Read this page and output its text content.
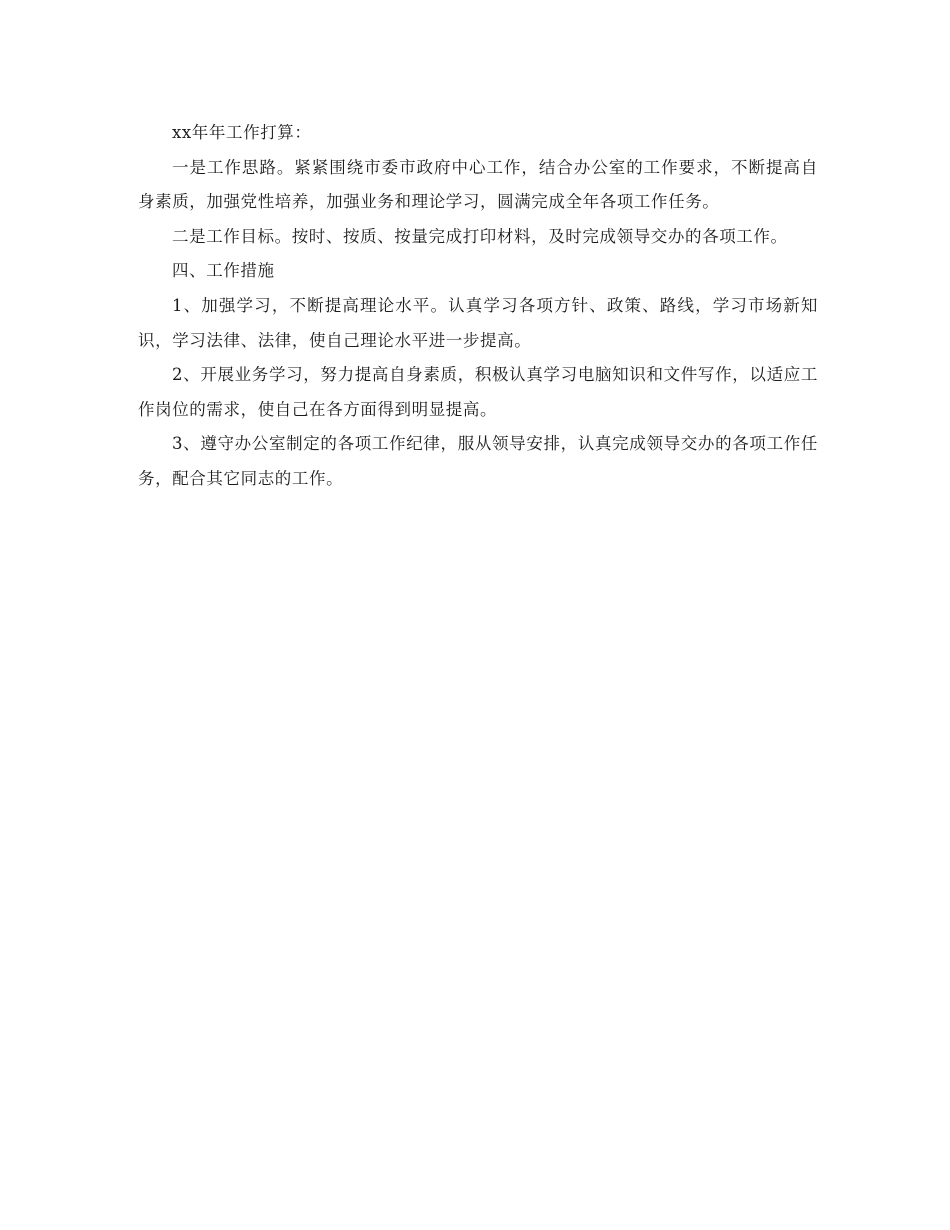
xx年年工作打算：

一是工作思路。紧紧围绕市委市政府中心工作，结合办公室的工作要求，不断提高自身素质，加强党性培养，加强业务和理论学习，圆满完成全年各项工作任务。

二是工作目标。按时、按质、按量完成打印材料，及时完成领导交办的各项工作。

四、工作措施

1、加强学习，不断提高理论水平。认真学习各项方针、政策、路线，学习市场新知识，学习法律、法律，使自己理论水平进一步提高。

2、开展业务学习，努力提高自身素质，积极认真学习电脑知识和文件写作，以适应工作岗位的需求，使自己在各方面得到明显提高。

3、遵守办公室制定的各项工作纪律，服从领导安排，认真完成领导交办的各项工作任务，配合其它同志的工作。
